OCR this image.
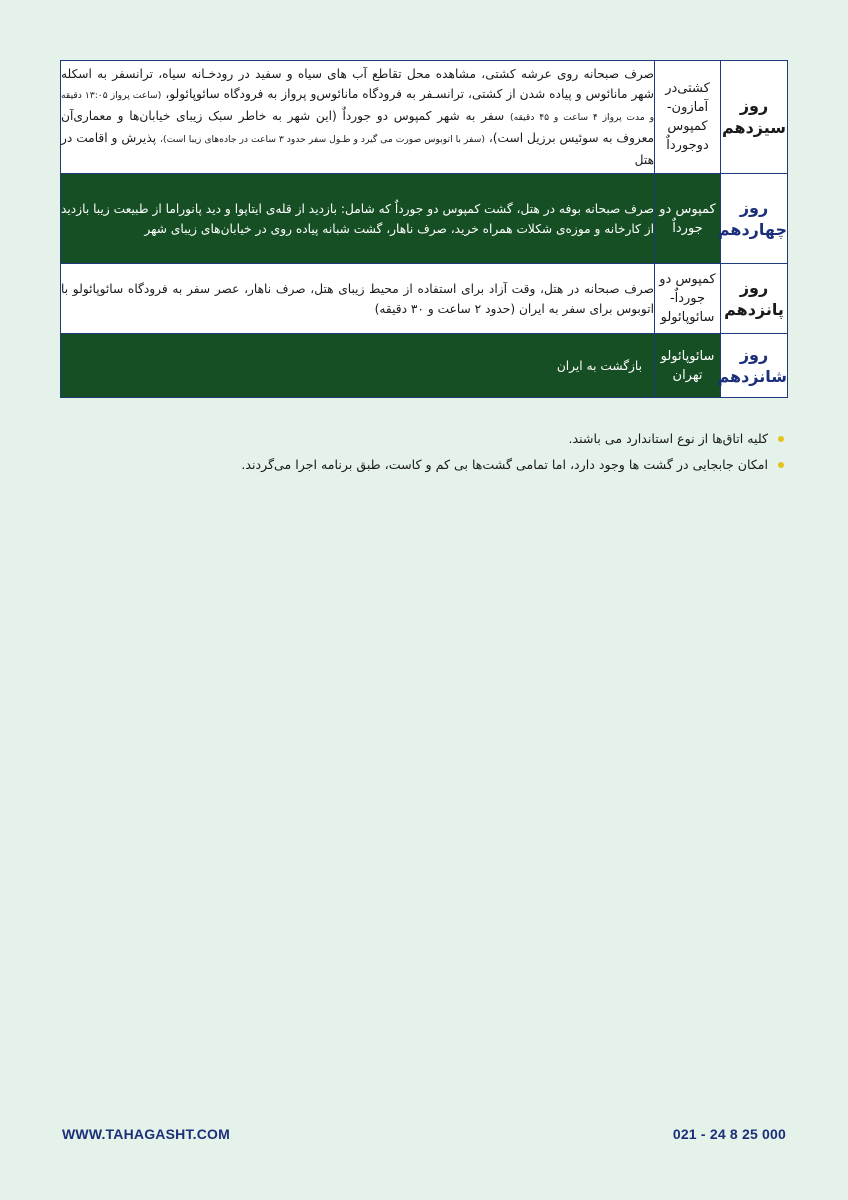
روز سیزدهم	کشتی‌در آمازون- کمپوس دوجورداٌ	صرف صبحانه روی عرشه کشتی، مشاهده محل تقاطع آب های سیاه و سفید در رودخـانه سیاه، ترانسفر به اسکله شهر مانائوس و پیاده شدن از کشتی، ترانسـفر به فرودگاه مانائوس‌و پرواز به فرودگاه سائوپائولو، (ساعت پرواز ۱۳:۰۵ دقیقه و مدت پرواز ۴ ساعت و ۴۵ دقیقه) سفر به شهر کمپوس دو جورداٌ (این شهر به خاطر سبک زیبای خیابان‌ها و معماری‌آن معروف به سوئیس برزیل است)، (سفر با اتوبوس صورت می گیرد و طـول سفر حدود ۳ ساعت در جاده‌های زیبا است)، پذیرش و اقامت در هتل
روز چهاردهم	کمپوس دو جورداٌ	صرف صبحانه بوفه در هتل، گشت کمپوس دو جورداٌ که شامل: بازدید از قله‌ی ایتاپوا و دید پانوراما از طبیعت زیبا بازدید از کارخانه و موزه‌ی شکلات همراه خرید، صرف ناهار، گشت شبانه پیاده روی در خیابان‌های زیبای شهر
روز پانزدهم	کمپوس دو جورداٌ- سائوپائولو	صرف صبحانه در هتل، وقت آزاد برای استفاده از محیط زیبای هتل، صرف ناهار، عصر سفر به فرودگاه سائوپائولو با اتوبوس برای سفر به ایران (حدود ۲ ساعت و ۳۰ دقیقه)
روز شانزدهم	سائوپائولو تهران	بازگشت به ایران
کلیه اتاق‌ها از نوع استاندارد می باشند.
امکان جابجایی در گشت ها وجود دارد، اما تمامی گشت‌ها بی کم و کاست، طبق برنامه اجرا می‌گردند.
WWW.TAHAGASHT.COM	021 - 24 8 25 000
